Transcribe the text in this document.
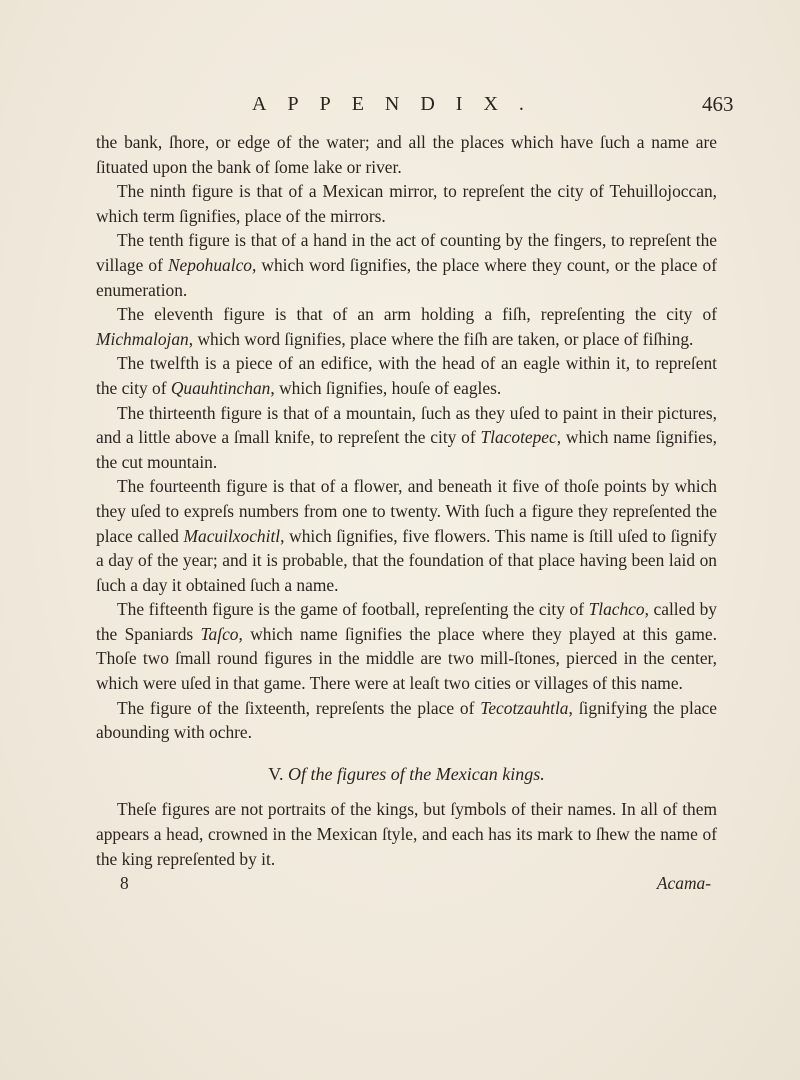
APPENDIX.	463

the bank, ſhore, or edge of the water; and all the places which have ſuch a name are ſituated upon the bank of ſome lake or river.

The ninth figure is that of a Mexican mirror, to repreſent the city of Tehuillojoccan, which term ſignifies, place of the mirrors.

The tenth figure is that of a hand in the act of counting by the fingers, to repreſent the village of Nepohualco, which word ſignifies, the place where they count, or the place of enumeration.

The eleventh figure is that of an arm holding a fiſh, repreſenting the city of Michmalojan, which word ſignifies, place where the fiſh are taken, or place of fiſhing.

The twelfth is a piece of an edifice, with the head of an eagle within it, to repreſent the city of Quauhtinchan, which ſignifies, houſe of eagles.

The thirteenth figure is that of a mountain, ſuch as they uſed to paint in their pictures, and a little above a ſmall knife, to repreſent the city of Tlacotepec, which name ſignifies, the cut mountain.

The fourteenth figure is that of a flower, and beneath it five of thoſe points by which they uſed to expreſs numbers from one to twenty. With ſuch a figure they repreſented the place called Macuilxochitl, which ſignifies, five flowers. This name is ſtill uſed to ſignify a day of the year; and it is probable, that the foundation of that place having been laid on ſuch a day it obtained ſuch a name.

The fifteenth figure is the game of football, repreſenting the city of Tlachco, called by the Spaniards Taſco, which name ſignifies the place where they played at this game. Thoſe two ſmall round figures in the middle are two mill-ſtones, pierced in the center, which were uſed in that game. There were at leaſt two cities or villages of this name.

The figure of the ſixteenth, repreſents the place of Tecotzauhtla, ſignifying the place abounding with ochre.

V. Of the figures of the Mexican kings.

Theſe figures are not portraits of the kings, but ſymbols of their names. In all of them appears a head, crowned in the Mexican ſtyle, and each has its mark to ſhew the name of the king repreſented by it.

8	Acama-
